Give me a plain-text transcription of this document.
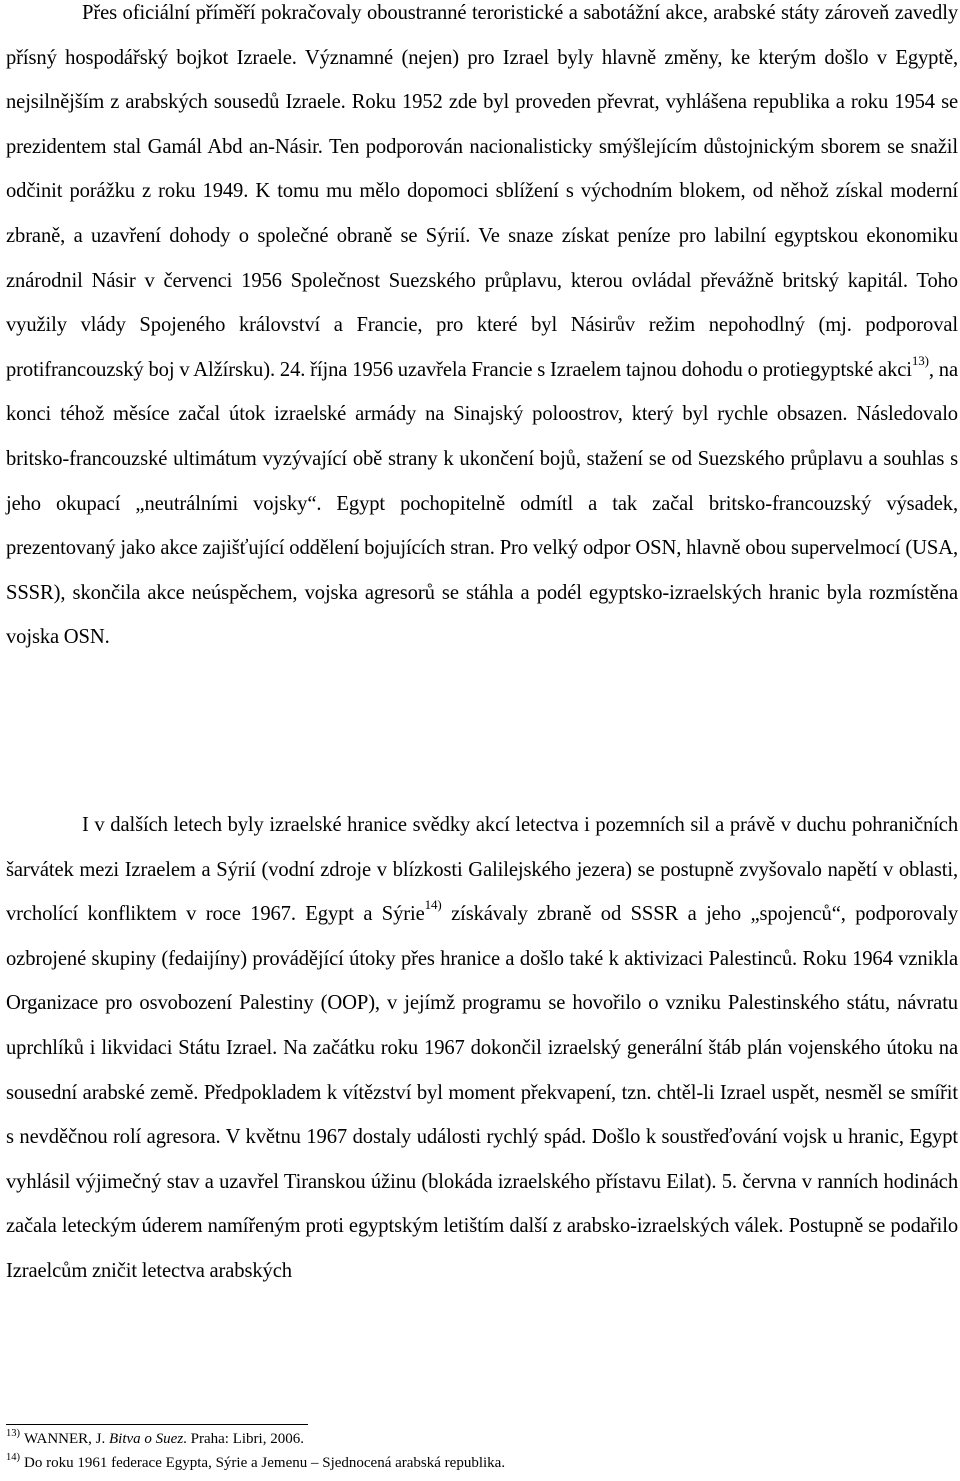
Přes oficiální příměří pokračovaly oboustranné teroristické a sabotážní akce, arabské státy zároveň zavedly přísný hospodářský bojkot Izraele. Významné (nejen) pro Izrael byly hlavně změny, ke kterým došlo v Egyptě, nejsilnějším z arabských sousedů Izraele. Roku 1952 zde byl proveden převrat, vyhlášena republika a roku 1954 se prezidentem stal Gamál Abd an-Násir. Ten podporován nacionalisticky smýšlejícím důstojnickým sborem se snažil odčinit porážku z roku 1949. K tomu mu mělo dopomoci sblížení s východním blokem, od něhož získal moderní zbraně, a uzavření dohody o společné obraně se Sýrií. Ve snaze získat peníze pro labilní egyptskou ekonomiku znárodnil Násir v červenci 1956 Společnost Suezského průplavu, kterou ovládal převážně britský kapitál. Toho využily vlády Spojeného království a Francie, pro které byl Násirův režim nepohodlný (mj. podporoval protifrancouzský boj v Alžírsku). 24. října 1956 uzavřela Francie s Izraelem tajnou dohodu o protiegyptské akci$^{13)}$, na konci téhož měsíce začal útok izraelské armády na Sinajský poloostrov, který byl rychle obsazen. Následovalo britsko-francouzské ultimátum vyzývající obě strany k ukončení bojů, stažení se od Suezského průplavu a souhlas s jeho okupací „neutrálními vojsky“. Egypt pochopitelně odmítl a tak začal britsko-francouzský výsadek, prezentovaný jako akce zajišťující oddělení bojujících stran. Pro velký odpor OSN, hlavně obou supervelmocí (USA, SSSR), skončila akce neúspěchem, vojska agresorů se stáhla a podél egyptsko-izraelských hranic byla rozmístěna vojska OSN.

I v dalších letech byly izraelské hranice svědky akcí letectva i pozemních sil a právě v duchu pohraničních šarvátek mezi Izraelem a Sýrií (vodní zdroje v blízkosti Galilejského jezera) se postupně zvyšovalo napětí v oblasti, vrcholící konfliktem v roce 1967. Egypt a Sýrie$^{14)}$ získávaly zbraně od SSSR a jeho „spojenců“, podporovaly ozbrojené skupiny (fedaijíny) provádějící útoky přes hranice a došlo také k aktivizaci Palestinců. Roku 1964 vznikla Organizace pro osvobození Palestiny (OOP), v jejímž programu se hovořilo o vzniku Palestinského státu, návratu uprchlíků i likvidaci Státu Izrael. Na začátku roku 1967 dokončil izraelský generální štáb plán vojenského útoku na sousední arabské země. Předpokladem k vítězství byl moment překvapení, tzn. chtěl-li Izrael uspět, nesměl se smířit s nevděčnou rolí agresora. V květnu 1967 dostaly události rychlý spád. Došlo k soustřeďování vojsk u hranic, Egypt vyhlásil výjimečný stav a uzavřel Tiranskou úžinu (blokáda izraelského přístavu Eilat). 5. června v ranních hodinách začala leteckým úderem namířeným proti egyptským letištím další z arabsko-izraelských válek. Postupně se podařilo Izraelcům zničit letectva arabských

$^{13)}$ WANNER, J. Bitva o Suez. Praha: Libri, 2006.

$^{14)}$ Do roku 1961 federace Egypta, Sýrie a Jemenu – Sjednocená arabská republika.
